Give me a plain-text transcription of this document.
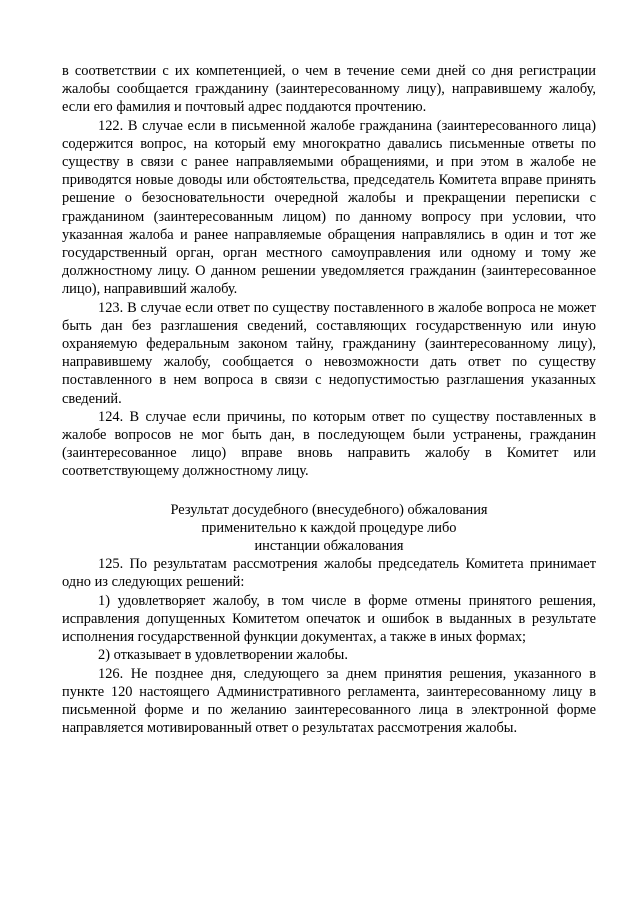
в соответствии с их компетенцией, о чем в течение семи дней со дня регистрации жалобы сообщается гражданину (заинтересованному лицу), направившему жалобу, если его фамилия и почтовый адрес поддаются прочтению.

122. В случае если в письменной жалобе гражданина (заинтересованного лица) содержится вопрос, на который ему многократно давались письменные ответы по существу в связи с ранее направляемыми обращениями, и при этом в жалобе не приводятся новые доводы или обстоятельства, председатель Комитета вправе принять решение о безосновательности очередной жалобы и прекращении переписки с гражданином (заинтересованным лицом) по данному вопросу при условии, что указанная жалоба и ранее направляемые обращения направлялись в один и тот же государственный орган, орган местного самоуправления или одному и тому же должностному лицу. О данном решении уведомляется гражданин (заинтересованное лицо), направивший жалобу.

123. В случае если ответ по существу поставленного в жалобе вопроса не может быть дан без разглашения сведений, составляющих государственную или иную охраняемую федеральным законом тайну, гражданину (заинтересованному лицу), направившему жалобу, сообщается о невозможности дать ответ по существу поставленного в нем вопроса в связи с недопустимостью разглашения указанных сведений.

124. В случае если причины, по которым ответ по существу поставленных в жалобе вопросов не мог быть дан, в последующем были устранены, гражданин (заинтересованное лицо) вправе вновь направить жалобу в Комитет или соответствующему должностному лицу.

Результат досудебного (внесудебного) обжалования
применительно к каждой процедуре либо
инстанции обжалования

125. По результатам рассмотрения жалобы председатель Комитета принимает одно из следующих решений:

1) удовлетворяет жалобу, в том числе в форме отмены принятого решения, исправления допущенных Комитетом опечаток и ошибок в выданных в результате исполнения государственной функции документах, а также в иных формах;

2) отказывает в удовлетворении жалобы.

126. Не позднее дня, следующего за днем принятия решения, указанного в пункте 120 настоящего Административного регламента, заинтересованному лицу в письменной форме и по желанию заинтересованного лица в электронной форме направляется мотивированный ответ о результатах рассмотрения жалобы.
